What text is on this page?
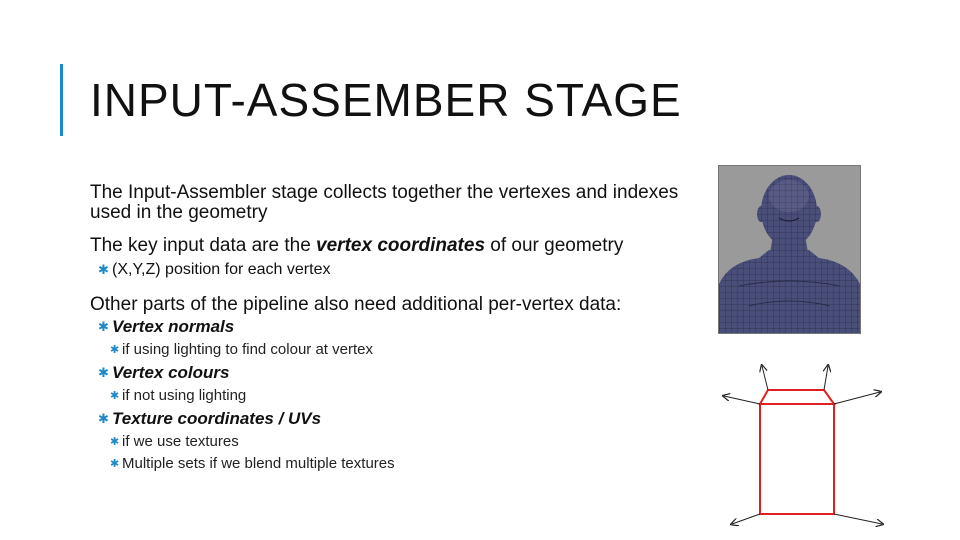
INPUT-ASSEMBER STAGE

The Input-Assembler stage collects together the vertexes and indexes used in the geometry

The key input data are the vertex coordinates of our geometry

✱ (X,Y,Z) position for each vertex

Other parts of the pipeline also need additional per-vertex data:

✱ Vertex normals
✱ if using lighting to find colour at vertex
✱ Vertex colours
✱ if not using lighting
✱ Texture coordinates / UVs
✱ if we use textures
✱ Multiple sets if we blend multiple textures
